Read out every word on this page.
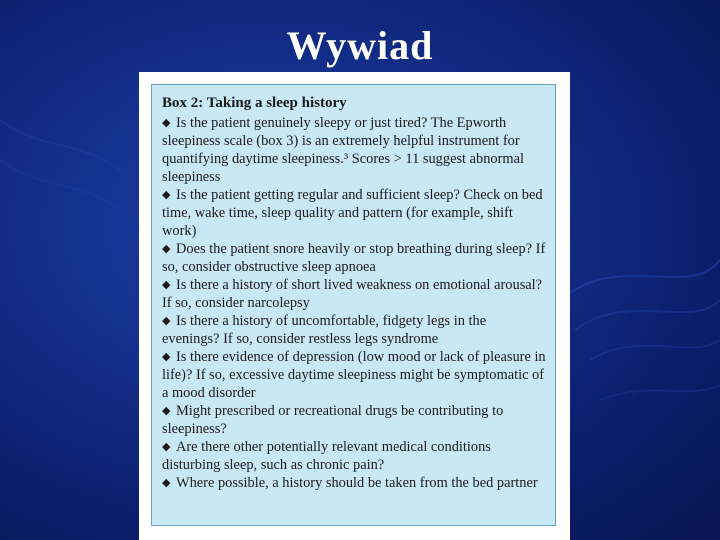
Wywiad
Box 2: Taking a sleep history
◆ Is the patient genuinely sleepy or just tired? The Epworth sleepiness scale (box 3) is an extremely helpful instrument for quantifying daytime sleepiness.³ Scores > 11 suggest abnormal sleepiness
◆ Is the patient getting regular and sufficient sleep? Check on bed time, wake time, sleep quality and pattern (for example, shift work)
◆ Does the patient snore heavily or stop breathing during sleep? If so, consider obstructive sleep apnoea
◆ Is there a history of short lived weakness on emotional arousal? If so, consider narcolepsy
◆ Is there a history of uncomfortable, fidgety legs in the evenings? If so, consider restless legs syndrome
◆ Is there evidence of depression (low mood or lack of pleasure in life)? If so, excessive daytime sleepiness might be symptomatic of a mood disorder
◆ Might prescribed or recreational drugs be contributing to sleepiness?
◆ Are there other potentially relevant medical conditions disturbing sleep, such as chronic pain?
◆ Where possible, a history should be taken from the bed partner
